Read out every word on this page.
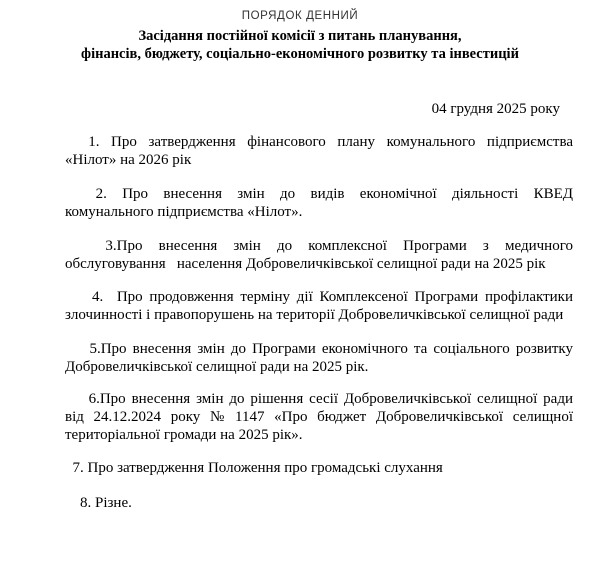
ПОРЯДОК ДЕННИЙ
Засідання постійної комісії з питань планування,
фінансів, бюджету, соціально-економічного розвитку та інвестицій
04 грудня 2025 року

1.  Про  затвердження  фінансового  плану  комунального  підприємства

«Нілот» на 2026 рік

2.  Про  внесення  змін  до  видів  економічної  діяльності  КВЕД

комунального підприємства «Нілот».

3.Про  внесення  змін  до  комплексної  Програми  з  медичного

обслуговування   населення Добровеличківської селищної ради на 2025 рік

4.  Про продовження терміну дії Комплексеної Програми профілактики

злочинності і правопорушень на території Добровеличківської селищної ради

5.Про внесення змін до Програми економічного та соціального розвитку

Добровеличківської селищної ради на 2025 рік.

6.Про внесення змін до рішення сесії Добровеличківської селищної ради

від  24.12.2024  року  №  1147  «Про  бюджет  Добровеличківської  селищної

територіальної громади на 2025 рік».

7. Про затвердження Положення про громадські слухання

8. Різне.
